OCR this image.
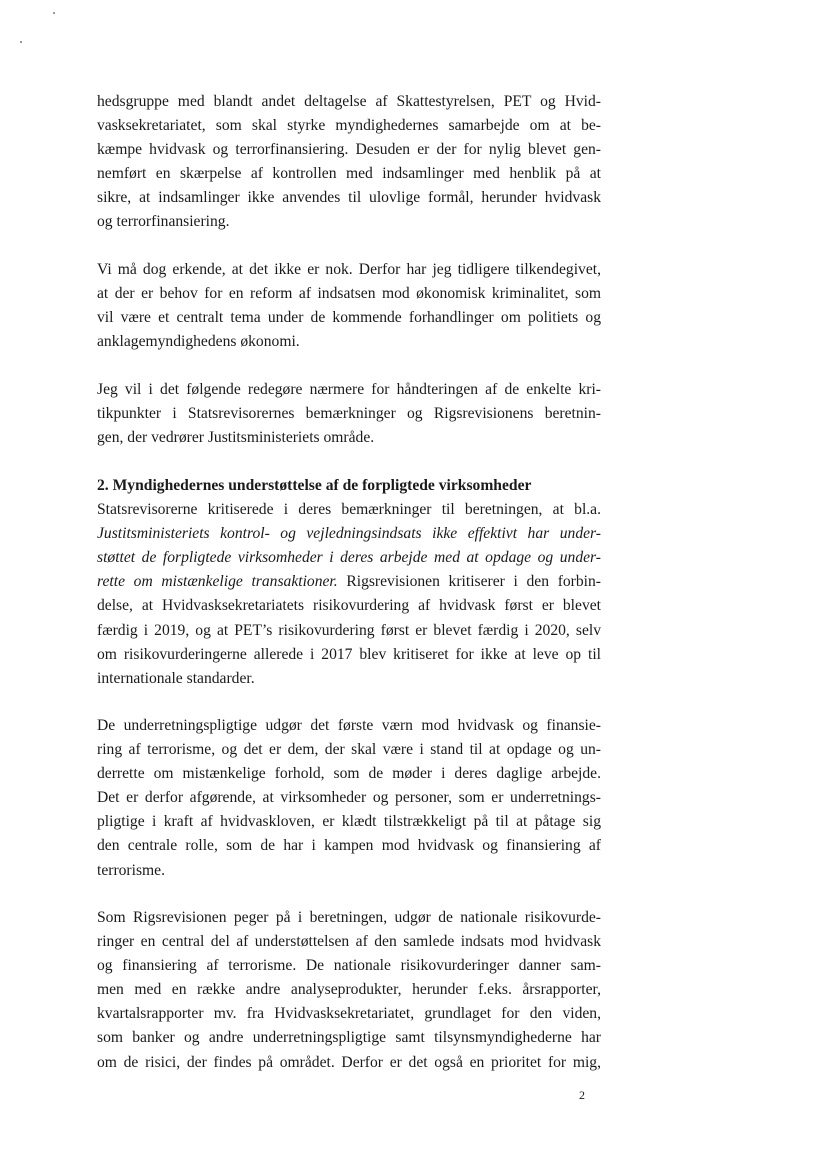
hedsgruppe med blandt andet deltagelse af Skattestyrelsen, PET og Hvid-
vasksekretariatet, som skal styrke myndighedernes samarbejde om at be-
kæmpe hvidvask og terrorfinansiering. Desuden er der for nylig blevet gen-
nemført en skærpelse af kontrollen med indsamlinger med henblik på at
sikre, at indsamlinger ikke anvendes til ulovlige formål, herunder hvidvask
og terrorfinansiering.
Vi må dog erkende, at det ikke er nok. Derfor har jeg tidligere tilkendegivet,
at der er behov for en reform af indsatsen mod økonomisk kriminalitet, som
vil være et centralt tema under de kommende forhandlinger om politiets og
anklagemyndighedens økonomi.
Jeg vil i det følgende redegøre nærmere for håndteringen af de enkelte kri-
tikpunkter i Statsrevisorernes bemærkninger og Rigsrevisionens beretnin-
gen, der vedrører Justitsministeriets område.
2. Myndighedernes understøttelse af de forpligtede virksomheder
Statsrevisorerne kritiserede i deres bemærkninger til beretningen, at bl.a.
Justitsministeriets kontrol- og vejledningsindsats ikke effektivt har under-
støttet de forpligtede virksomheder i deres arbejde med at opdage og under-
rette om mistænkelige transaktioner. Rigsrevisionen kritiserer i den forbin-
delse, at Hvidvasksekretariatets risikovurdering af hvidvask først er blevet
færdig i 2019, og at PET’s risikovurdering først er blevet færdig i 2020, selv
om risikovurderingerne allerede i 2017 blev kritiseret for ikke at leve op til
internationale standarder.
De underretningspligtige udgør det første værn mod hvidvask og finansie-
ring af terrorisme, og det er dem, der skal være i stand til at opdage og un-
derrette om mistænkelige forhold, som de møder i deres daglige arbejde.
Det er derfor afgørende, at virksomheder og personer, som er underretnings-
pligtige i kraft af hvidvaskloven, er klædt tilstrækkeligt på til at påtage sig
den centrale rolle, som de har i kampen mod hvidvask og finansiering af
terrorisme.
Som Rigsrevisionen peger på i beretningen, udgør de nationale risikovurde-
ringer en central del af understøttelsen af den samlede indsats mod hvidvask
og finansiering af terrorisme. De nationale risikovurderinger danner sam-
men med en række andre analyseprodukter, herunder f.eks. årsrapporter,
kvartalsrapporter mv. fra Hvidvasksekretariatet, grundlaget for den viden,
som banker og andre underretningspligtige samt tilsynsmyndighederne har
om de risici, der findes på området. Derfor er det også en prioritet for mig,
2
